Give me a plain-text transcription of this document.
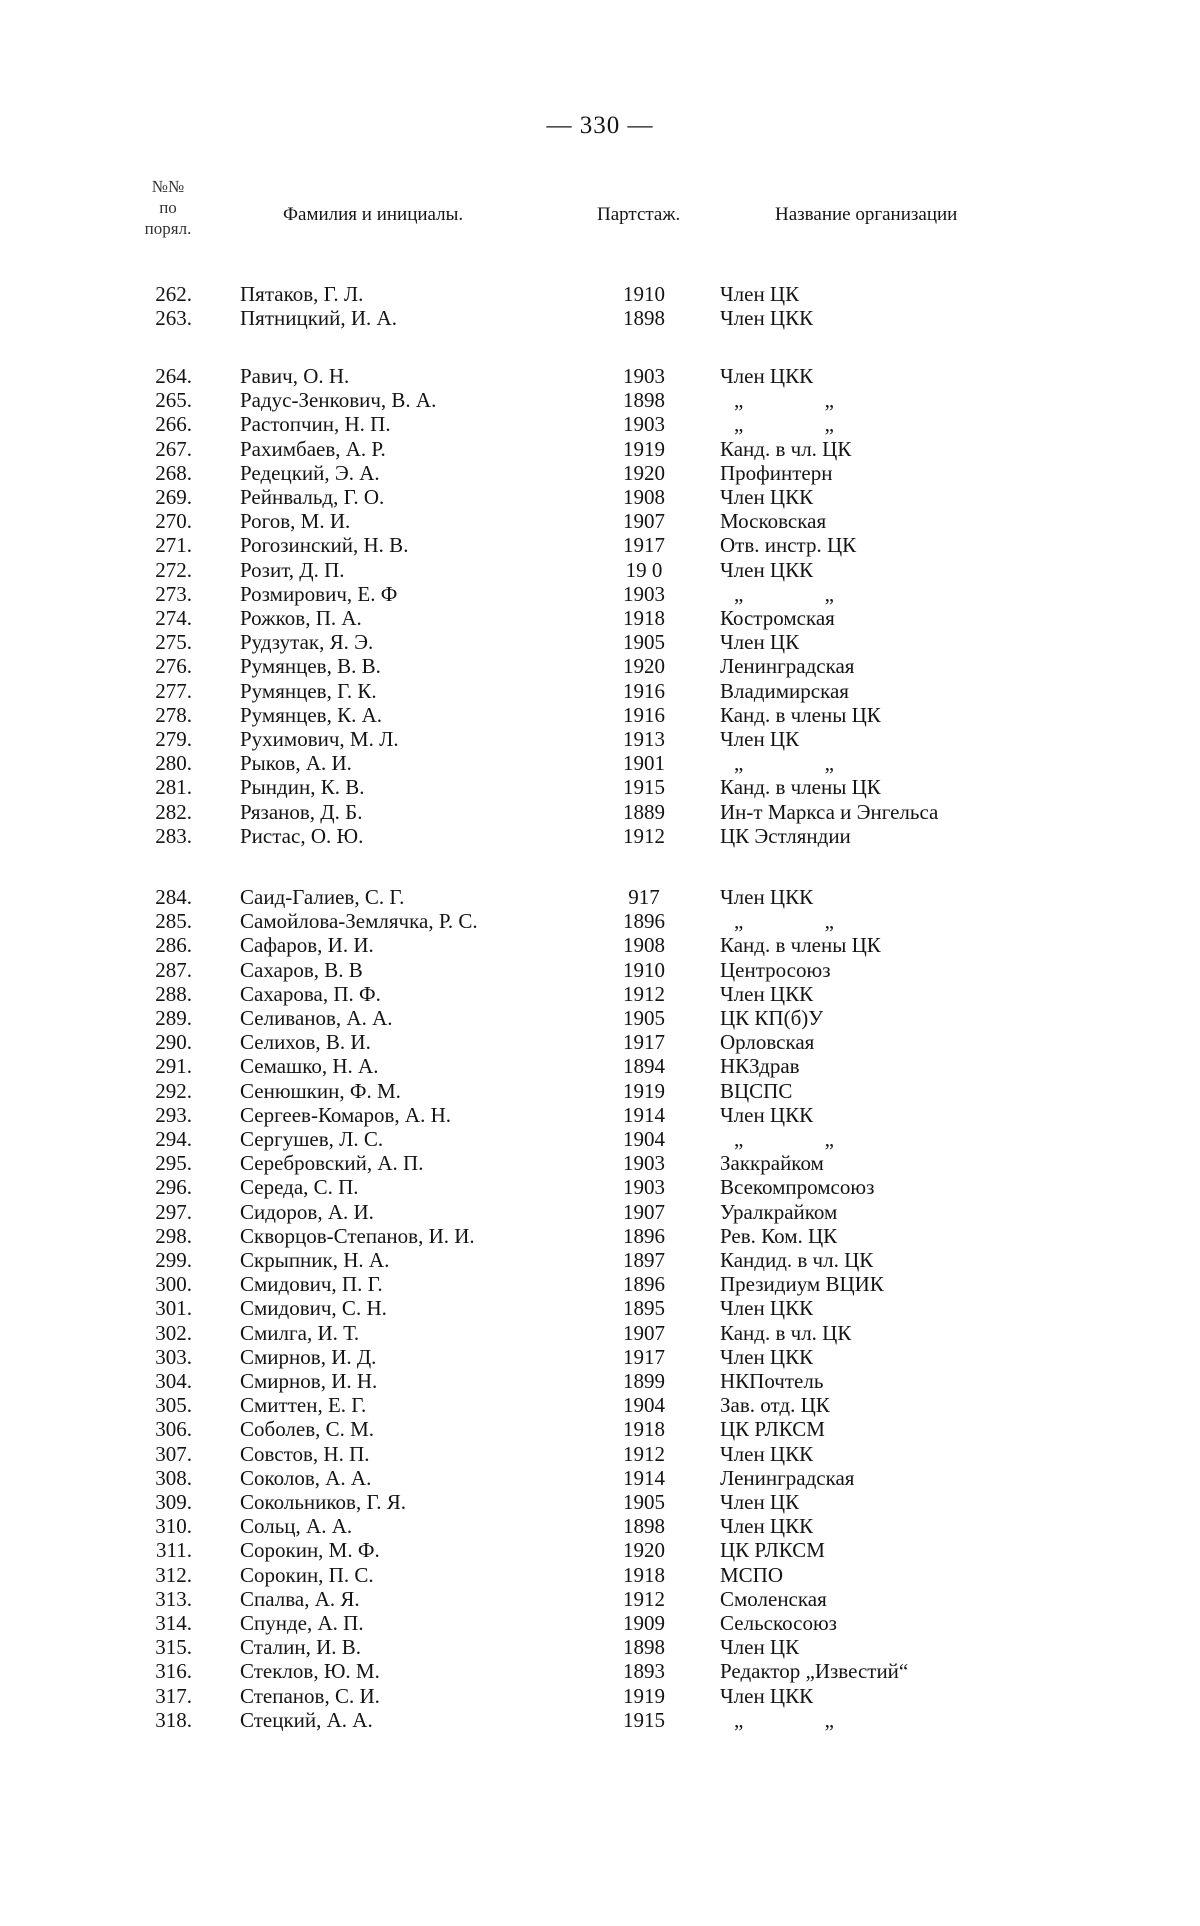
— 330 —
№№
по
порял.
Фамилия и инициалы.	Партстаж.	Название организации
262. Пятаков, Г. Л.	1910	Член ЦК
263. Пятницкий, И. А.	1898	Член ЦКК
264. Равич, О. Н.	1903	Член ЦКК
265. Радус-Зенкович, В. А.	1898	„ „
266. Растопчин, Н. П.	1903	„ „
267. Рахимбаев, А. Р.	1919	Канд. в чл. ЦК
268. Редецкий, Э. А.	1920	Профинтерн
269. Рейнвальд, Г. О.	1908	Член ЦКК
270. Рогов, М. И.	1907	Московская
271. Рогозинский, Н. В.	1917	Отв. инстр. ЦК
272. Розит, Д. П.	19 0	Член ЦКК
273. Розмирович, Е. Ф	1903	„ „
274. Рожков, П. А.	1918	Костромская
275. Рудзутак, Я. Э.	1905	Член ЦК
276. Румянцев, В. В.	1920	Ленинградская
277. Румянцев, Г. К.	1916	Владимирская
278. Румянцев, К. А.	1916	Канд. в члены ЦК
279. Рухимович, М. Л.	1913	Член ЦК
280. Рыков, А. И.	1901	„ „
281. Рындин, К. В.	1915	Канд. в члены ЦК
282. Рязанов, Д. Б.	1889	Ин-т Маркса и Энгельса
283. Ристас, О. Ю.	1912	ЦК Эстляндии
284. Саид-Галиев, С. Г.	917	Член ЦКК
285. Самойлова-Землячка, Р. С.	1896	„ „
286. Сафаров, И. И.	1908	Канд. в члены ЦК
287. Сахаров, В. В	1910	Центросоюз
288. Сахарова, П. Ф.	1912	Член ЦКК
289. Селиванов, А. А.	1905	ЦК КП(б)У
290. Селихов, В. И.	1917	Орловская
291. Семашко, Н. А.	1894	НКЗдрав
292. Сенюшкин, Ф. М.	1919	ВЦСПС
293. Сергеев-Комаров, А. Н.	1914	Член ЦКК
294. Сергушев, Л. С.	1904	„ „
295. Серебровский, А. П.	1903	Заккрайком
296. Середа, С. П.	1903	Всекомпромсоюз
297. Сидоров, А. И.	1907	Уралкрайком
298. Скворцов-Степанов, И. И.	1896	Рев. Ком. ЦК
299. Скрыпник, Н. А.	1897	Кандид. в чл. ЦК
300. Смидович, П. Г.	1896	Президиум ВЦИК
301. Смидович, С. Н.	1895	Член ЦКК
302. Смилга, И. Т.	1907	Канд. в чл. ЦК
303. Смирнов, И. Д.	1917	Член ЦКК
304. Смирнов, И. Н.	1899	НКПочтель
305. Смиттен, Е. Г.	1904	Зав. отд. ЦК
306. Соболев, С. М.	1918	ЦК РЛКСМ
307. Совстов, Н. П.	1912	Член ЦКК
308. Соколов, А. А.	1914	Ленинградская
309. Сокольников, Г. Я.	1905	Член ЦК
310. Сольц, А. А.	1898	Член ЦКК
311. Сорокин, М. Ф.	1920	ЦК РЛКСМ
312. Сорокин, П. С.	1918	МСПО
313. Спалва, А. Я.	1912	Смоленская
314. Спунде, А. П.	1909	Сельскосоюз
315. Сталин, И. В.	1898	Член ЦК
316. Стеклов, Ю. М.	1893	Редактор „Известий“
317. Степанов, С. И.	1919	Член ЦКК
318. Стецкий, А. А.	1915	„ „
